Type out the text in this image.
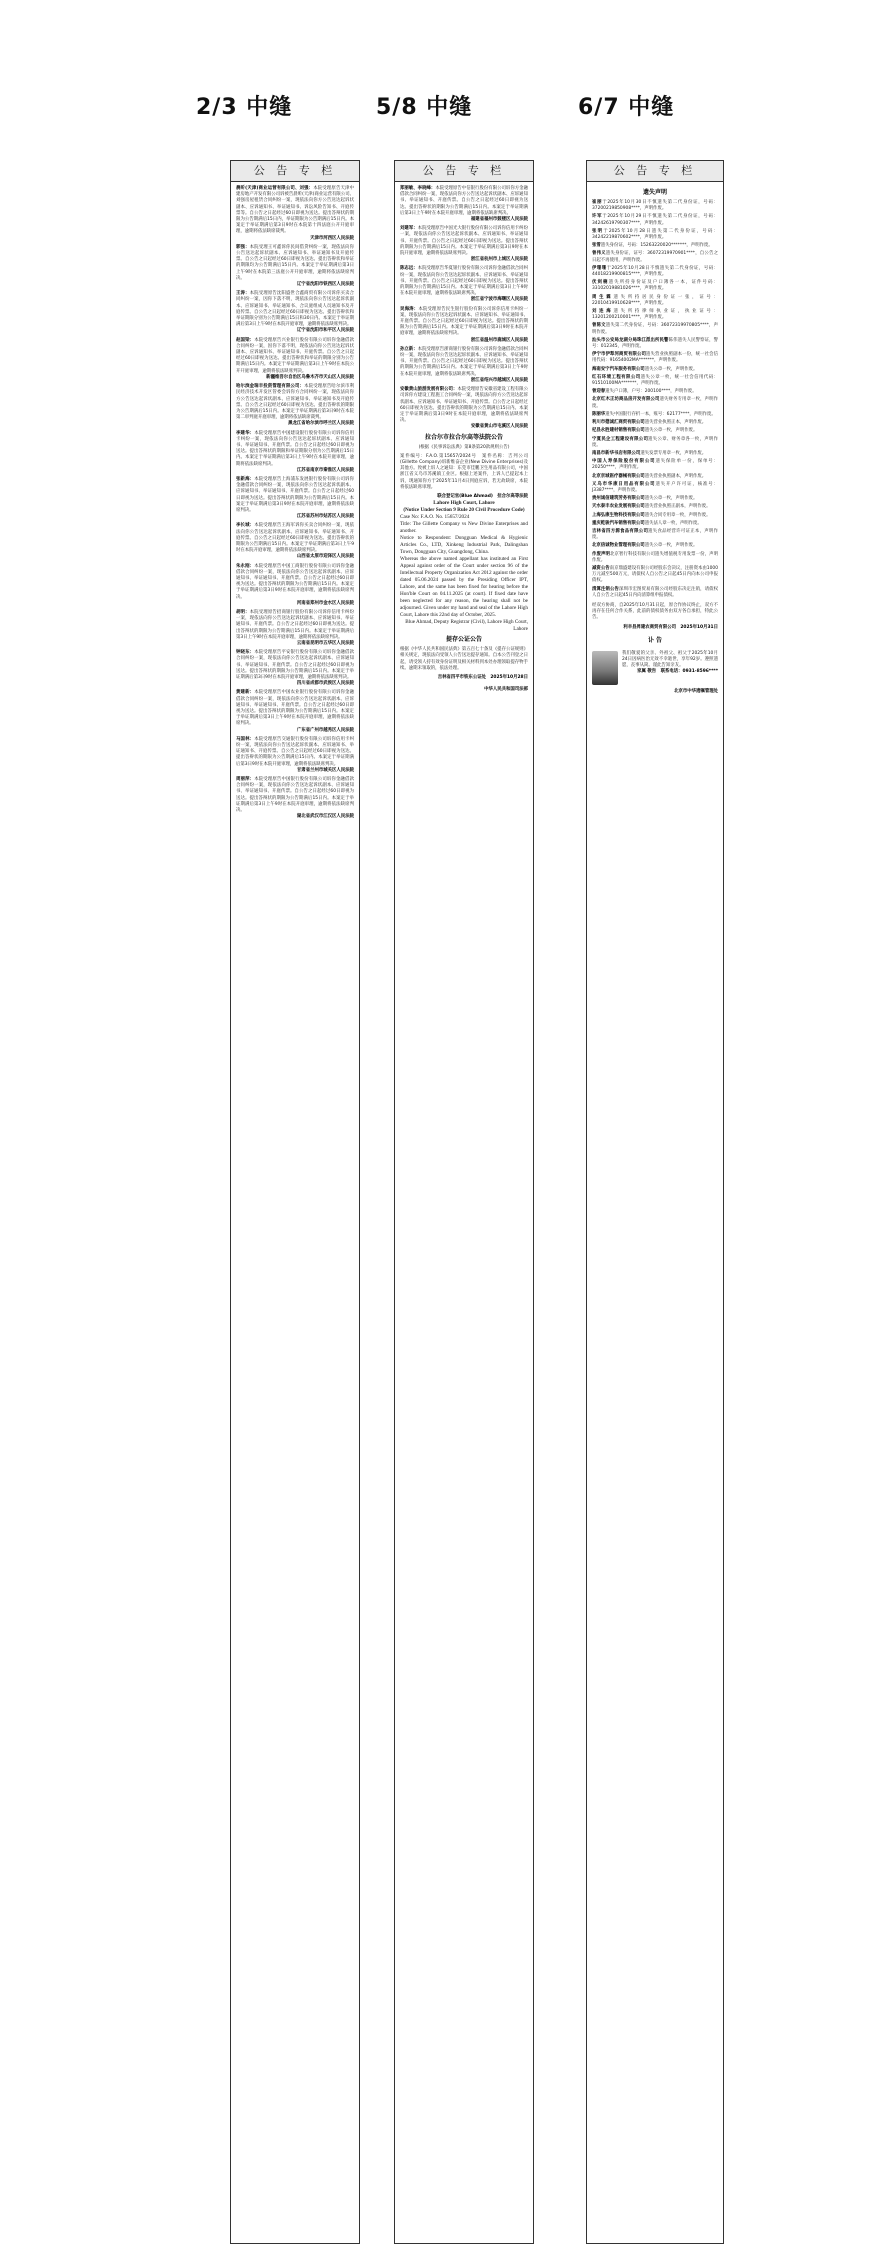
2/3 中缝	5/8 中缝	6/7 中缝
公 告 专 栏
晨昕(天津)商业运营有限公司、刘强：本院受理原告天津中建房地产开发有限公司诉被告晨昕(天津)商业运营有限公司、刘强房屋租赁合同纠纷一案，现依法向你方公告送达起诉状副本、应诉通知书、举证通知书、诉讼风险告知书、开庭传票等。自公告之日起经过60日即视为送达。提出答辩状的期限为公告期满后15日内，举证期限为公告期满后15日内。本案定于举证期满后第3日9时在本院第十四法庭公开开庭审理，逾期将依法缺席裁判。
天津市河西区人民法院
郭强：本院受理王可鑫诉你民间借贷纠纷一案，现依法向你公告送达起诉状副本、应诉通知书、举证通知书及开庭传票。自公告之日起经过60日即视为送达。提出答辩状和举证的期限均为公告期满后15日内。本案定于举证期满后第3日上午9时在本院第三法庭公开开庭审理，逾期将依法缺席判决。
辽宁省沈阳市铁西区人民法院
王涛：本院受理原告沈阳盛世合鑫商贸有限公司诉你买卖合同纠纷一案，因你下落不明，现依法向你公告送达起诉状副本、应诉通知书、举证通知书、合议庭组成人员通知书及开庭传票。自公告之日起经过60日即视为送达。提出答辩状和举证期限分别为公告期满后15日和30日内。本案定于举证期满后第3日上午9时在本院开庭审理，逾期将依法缺席判决。
辽宁省沈阳市和平区人民法院
赵国梁：本院受理原告兴业银行股份有限公司诉你金融借款合同纠纷一案，因你下落不明，现依法向你公告送达起诉状副本、应诉通知书、举证通知书、开庭传票。自公告之日起经过60日即视为送达。提出答辩状和举证的期限分别为公告期满后15日内。本案定于举证期满后第3日上午9时在本院公开开庭审理，逾期将依法缺席判决。
新疆维吾尔自治区乌鲁木齐市天山区人民法院
哈尔滨金瑞丰投资管理有限公司：本院受理原告哈尔滨市利民经济技术开发区管委会诉你方合同纠纷一案，现依法向你方公告送达起诉状副本、应诉通知书、举证通知书及开庭传票。自公告之日起经过60日即视为送达。提出答辩状的期限为公告期满后15日内。本案定于举证期满后第3日9时在本院第二审判庭开庭审理，逾期将依法缺席裁判。
黑龙江省哈尔滨市呼兰区人民法院
李建华：本院受理原告中国建设银行股份有限公司诉你信用卡纠纷一案，现依法向你公告送达起诉状副本、应诉通知书、举证通知书、开庭传票。自公告之日起经过60日即视为送达。提出答辩状的期限和举证期限分别为公告期满后15日内。本案定于举证期满后第3日上午9时在本院开庭审理，逾期将依法缺席判决。
江苏省南京市秦淮区人民法院
张新海：本院受理原告上海浦东发展银行股份有限公司诉你金融借款合同纠纷一案，现依法向你公告送达起诉状副本、应诉通知书、举证通知书、开庭传票。自公告之日起经过60日即视为送达。提出答辩状的期限为公告期满后15日内。本案定于举证期满后第3日9时在本院开庭审理，逾期将依法缺席判决。
江苏省苏州市姑苏区人民法院
李长城：本院受理原告王海军诉你买卖合同纠纷一案，现依法向你公告送达起诉状副本、应诉通知书、举证通知书、开庭传票。自公告之日起经过60日即视为送达。提出答辩状的期限为公告期满后15日内。本案定于举证期满后第3日上午9时在本院开庭审理，逾期将依法缺席判决。
山西省太原市迎泽区人民法院
朱永刚：本院受理原告中国工商银行股份有限公司诉你金融借款合同纠纷一案，现依法向你公告送达起诉状副本、应诉通知书、举证通知书、开庭传票。自公告之日起经过60日即视为送达。提出答辩状的期限为公告期满后15日内。本案定于举证期满后第3日9时在本院开庭审理，逾期将依法缺席判决。
河南省郑州市金水区人民法院
胡明：本院受理原告招商银行股份有限公司诉你信用卡纠纷一案，现依法向你公告送达起诉状副本、应诉通知书、举证通知书、开庭传票。自公告之日起经过60日即视为送达。提出答辩状的期限为公告期满后15日内。本案定于举证期满后第3日上午9时在本院开庭审理，逾期将依法缺席判决。
云南省昆明市五华区人民法院
钟晓东：本院受理原告平安银行股份有限公司诉你金融借款合同纠纷一案，现依法向你公告送达起诉状副本、应诉通知书、举证通知书、开庭传票。自公告之日起经过60日即视为送达。提出答辩状的期限为公告期满后15日内。本案定于举证期满后第3日9时在本院开庭审理，逾期将依法缺席判决。
四川省成都市武侯区人民法院
黄建新：本院受理原告中国农业银行股份有限公司诉你金融借款合同纠纷一案，现依法向你公告送达起诉状副本、应诉通知书、举证通知书、开庭传票。自公告之日起经过60日即视为送达。提出答辩状的期限为公告期满后15日内。本案定于举证期满后第3日上午9时在本院开庭审理，逾期将依法缺席判决。
广东省广州市越秀区人民法院
马国林：本院受理原告交通银行股份有限公司诉你信用卡纠纷一案，现依法向你公告送达起诉状副本、应诉通知书、举证通知书、开庭传票。自公告之日起经过60日即视为送达。提出答辩状的期限为公告期满后15日内。本案定于举证期满后第3日9时在本院开庭审理，逾期将依法缺席判决。
甘肃省兰州市城关区人民法院
周丽萍：本院受理原告中国银行股份有限公司诉你金融借款合同纠纷一案，现依法向你公告送达起诉状副本、应诉通知书、举证通知书、开庭传票。自公告之日起经过60日即视为送达。提出答辩状的期限为公告期满后15日内。本案定于举证期满后第3日上午9时在本院开庭审理，逾期将依法缺席判决。
湖北省武汉市江汉区人民法院
公 告 专 栏
郑丽敏、李晓峰：本院受理原告中信银行股份有限公司诉你方金融借款合同纠纷一案，现依法向你方公告送达起诉状副本、应诉通知书、举证通知书、开庭传票。自公告之日起经过60日即视为送达。提出答辩状的期限为公告期满后15日内。本案定于举证期满后第3日上午9时在本院开庭审理，逾期将依法缺席判决。
福建省福州市鼓楼区人民法院
刘建军：本院受理原告中国光大银行股份有限公司诉你信用卡纠纷一案，现依法向你公告送达起诉状副本、应诉通知书、举证通知书、开庭传票。自公告之日起经过60日即视为送达。提出答辩状的期限为公告期满后15日内。本案定于举证期满后第3日9时在本院开庭审理，逾期将依法缺席判决。
浙江省杭州市上城区人民法院
陈志远：本院受理原告华夏银行股份有限公司诉你金融借款合同纠纷一案，现依法向你公告送达起诉状副本、应诉通知书、举证通知书、开庭传票。自公告之日起经过60日即视为送达。提出答辩状的期限为公告期满后15日内。本案定于举证期满后第3日上午9时在本院开庭审理，逾期将依法缺席判决。
浙江省宁波市海曙区人民法院
吴海涛：本院受理原告民生银行股份有限公司诉你信用卡纠纷一案，现依法向你公告送达起诉状副本、应诉通知书、举证通知书、开庭传票。自公告之日起经过60日即视为送达。提出答辩状的期限为公告期满后15日内。本案定于举证期满后第3日9时在本院开庭审理，逾期将依法缺席判决。
浙江省温州市鹿城区人民法院
孙立新：本院受理原告浙商银行股份有限公司诉你金融借款合同纠纷一案，现依法向你公告送达起诉状副本、应诉通知书、举证通知书、开庭传票。自公告之日起经过60日即视为送达。提出答辩状的期限为公告期满后15日内。本案定于举证期满后第3日上午9时在本院开庭审理，逾期将依法缺席判决。
浙江省绍兴市越城区人民法院
安徽黄山旅游发展有限公司：本院受理原告安徽省建设工程有限公司诉你方建设工程施工合同纠纷一案，现依法向你方公告送达起诉状副本、应诉通知书、举证通知书、开庭传票。自公告之日起经过60日即视为送达。提出答辩状的期限为公告期满后15日内。本案定于举证期满后第3日9时在本院开庭审理，逾期将依法缺席判决。
安徽省黄山市屯溪区人民法院
拉合尔市拉合尔高等法院公告
(根据《民事诉讼法典》第8条第20款规则公告)
案件编号：F.A.O.第15657/2024号　案件名称：吉列公司(Gillette Company)诉新维奋企业(New Divine Enterprises)及其他方。致被上诉人之通知：东莞市佳鹏卫生用品有限公司，中国浙江省义乌市苏溪镇工业区。根据上述案件，上诉人已提起本上诉，现通知你方于2025年11月4日到庭应诉，若无故缺席，本院将依法缺席审理。
联合登记官(Blue Ahmad)　拉合尔高等法院
Lahore High Court, Lahore
(Notice Under Section 9 Rule 20 Civil Procedure Code)
Case No: F.A.O. No. 15657/2024
Title: The Gillette Company vs New Divine Enterprises and another.
Notice to Respondent: Dongguan Medical & Hygienic Articles Co., LTD, Xinkeng Industrial Park, Dalingshan Town, Dongguan City, Guangdong, China.
Whereas the above named appellant has instituted an First Appeal against order of the Court under section 96 of the Intellectual Property Organization Act 2012 against the order dated 05.06.2024 passed by the Presiding Officer IPT, Lahore, and the same has been fixed for hearing before the Hon'ble Court on 04.11.2025 (at court). If fixed date have been neglected for any reason, the hearing shall not be adjourned. Given under my hand and seal of the Lahore High Court, Lahore this 22nd day of October, 2025.
Blue Ahmad, Deputy Registrar (Civil), Lahore High Court, Lahore
提存公证公告
根据《中华人民共和国民法典》第五百七十条及《提存公证规则》相关规定，现依法向受领人公告送达提存通知。自本公告刊登之日起，请受领人持有效身份证明及相关材料到本处办理领取提存物手续。逾期未领取的，依法处理。
吉林省四平市铁东公证处　2025年10月28日
中华人民共和国司法部
公 告 专 栏
遗失声明
崔丽于2025年10月30日不慎遗失第二代身份证，号码：37200219850908****，声明作废。
许军于2025年10月29日不慎遗失第二代身份证，号码：34242619790307****，声明作废。
张明于2025年10月28日遗失第二代身份证，号码：34242219870602****，声明作废。
张雪遗失身份证，号码：15263220020*******，声明作废。
曾伟义遗失身份证，证号：36072319970901****，自公告之日起不再使用，声明作废。
伊珊珊于2025年10月28日不慎遗失第二代身份证，号码：44018219900815****，声明作废。
伏剑楠遗失所持身份证及户口簿各一本，证件号码：33102019881026****，声明作废。
周生霖遗失所持居民身份证一张，证号：22010419910628****，声明作废。
刘连海遗失所持律师执业证，执业证号：13201200210001****，声明作废。
曾陈文遗失第二代身份证，号码：36072319970805****，声明作废。
汕头市公安局龙湖分局珠江派出所民警陈伟遗失人民警察证，警号：012345，声明作废。
伊宁市伊犁河商贸有限公司遗失营业执照副本一份，统一社会信用代码：91654002MA*******，声明作废。
海南安宁汽车服务有限公司遗失公章一枚，声明作废。
红石环境工程有限公司遗失公章一枚，统一社会信用代码：91510100MA*******，声明作废。
曾迎春遗失户口簿，户号：200100****，声明作废。
北京红木正坊商品房开发有限公司遗失财务专用章一枚，声明作废。
陈丽华遗失中国银行存折一本，账号：62177****，声明作废。
利川市德诚汇商贸有限公司遗失营业执照正本，声明作废。
杞县永胜建材销售有限公司遗失公章一枚，声明作废。
宁夏民企工程建设有限公司遗失公章、财务章各一枚，声明作废。
南昌市新华书店有限公司遗失发票专用章一枚，声明作废。
中国人寿保险股份有限公司遗失保险单一份，保单号：20250****，声明作废。
北京京城医疗器械有限公司遗失营业执照副本，声明作废。
义乌市华康日用品有限公司遗失开户许可证，核准号：J3387****，声明作废。
贵州诚信建筑劳务有限公司遗失公章一枚，声明作废。
天水泰丰农业发展有限公司遗失营业执照正副本，声明作废。
上海弘康生物科技有限公司遗失合同专用章一枚，声明作废。
重庆乾骏汽车销售有限公司遗失法人章一枚，声明作废。
吉林省四方源食品有限公司遗失食品经营许可证正本，声明作废。
北京信诚物业管理有限公司遗失公章一枚，声明作废。
作废声明北京智行科技有限公司遗失增值税专用发票一份，声明作废。
减资公告南京鼎盛建设有限公司经股东会决议，注册资本由1000万元减至500万元，请债权人自公告之日起45日内向本公司申报债权。
清算注销公告深圳市宏图贸易有限公司经股东决定注销，请债权人自公告之日起45日内向清算组申报债权。
经双方协商，自2025年10月31日起，原合作协议终止，双方不再存在任何合作关系，此前的债权债务由双方各自承担，特此公告。
利辛县昇建农商贸有限公司　2025年10月31日
讣 告
我们敬爱的父亲、外祖父、祖父于2025年10月24日因病医治无效不幸逝世，享年92岁。遵照遗愿，丧事从简。谨此告知亲友。
家属 敬告　联系电话：0931-8596****
北京市中华遗嘱管理处
